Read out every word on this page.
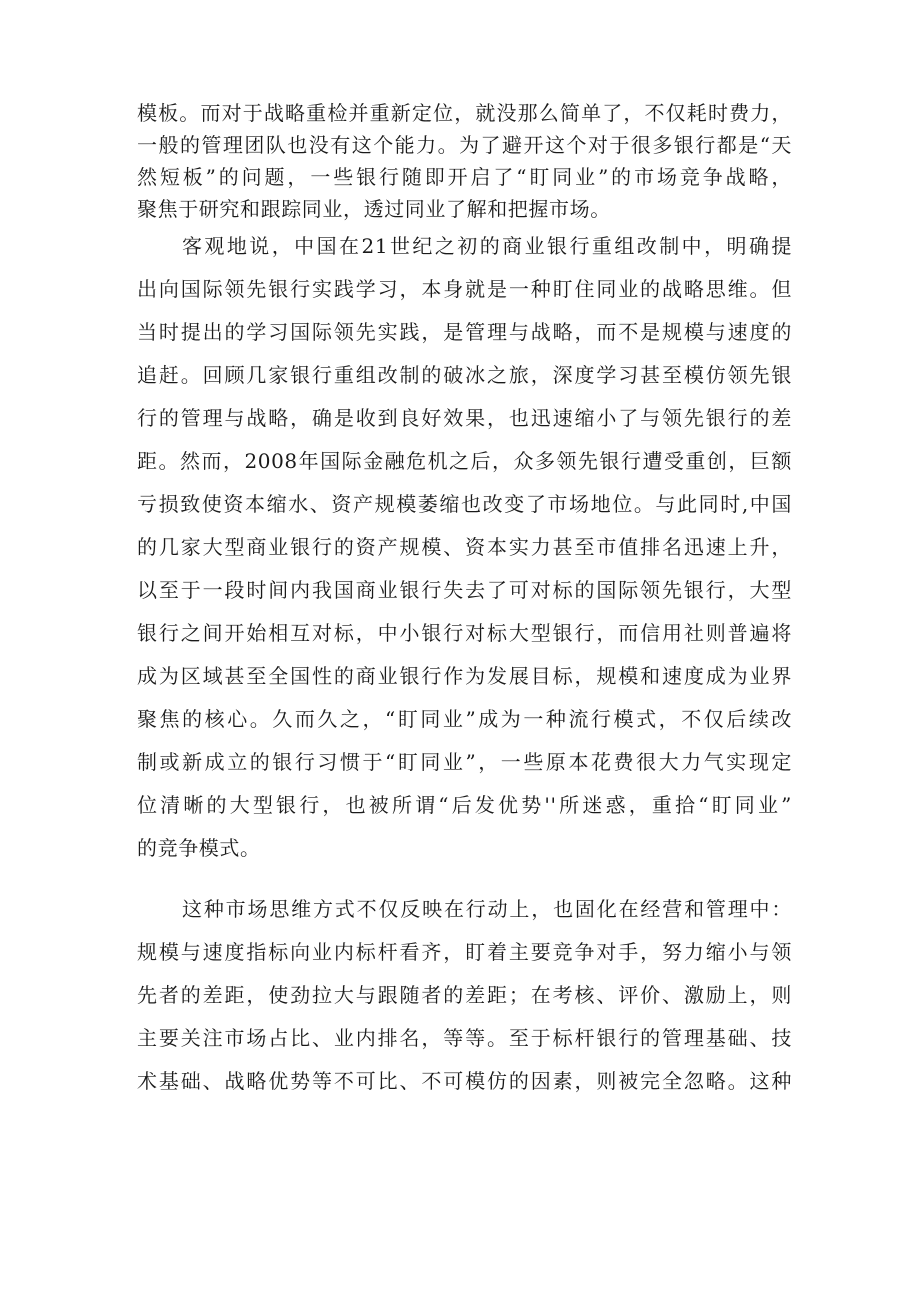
模板。而对于战略重检并重新定位，就没那么简单了，不仅耗时费力，
一般的管理团队也没有这个能力。为了避开这个对于很多银行都是“天
然短板”的问题，一些银行随即开启了“盯同业”的市场竞争战略，
聚焦于研究和跟踪同业，透过同业了解和把握市场。

客观地说，中国在21世纪之初的商业银行重组改制中，明确提
出向国际领先银行实践学习，本身就是一种盯住同业的战略思维。但
当时提出的学习国际领先实践，是管理与战略，而不是规模与速度的
追赶。回顾几家银行重组改制的破冰之旅，深度学习甚至模仿领先银
行的管理与战略，确是收到良好效果，也迅速缩小了与领先银行的差
距。然而，2008年国际金融危机之后，众多领先银行遭受重创，巨额
亏损致使资本缩水、资产规模萎缩也改变了市场地位。与此同时,中国
的几家大型商业银行的资产规模、资本实力甚至市值排名迅速上升，
以至于一段时间内我国商业银行失去了可对标的国际领先银行，大型
银行之间开始相互对标，中小银行对标大型银行，而信用社则普遍将
成为区域甚至全国性的商业银行作为发展目标，规模和速度成为业界
聚焦的核心。久而久之，“盯同业”成为一种流行模式，不仅后续改
制或新成立的银行习惯于“盯同业”，一些原本花费很大力气实现定
位清晰的大型银行，也被所谓“后发优势''所迷惑，重拾“盯同业”
的竞争模式。

这种市场思维方式不仅反映在行动上，也固化在经营和管理中：
规模与速度指标向业内标杆看齐，盯着主要竞争对手，努力缩小与领
先者的差距，使劲拉大与跟随者的差距；在考核、评价、激励上，则
主要关注市场占比、业内排名，等等。至于标杆银行的管理基础、技
术基础、战略优势等不可比、不可模仿的因素，则被完全忽略。这种
